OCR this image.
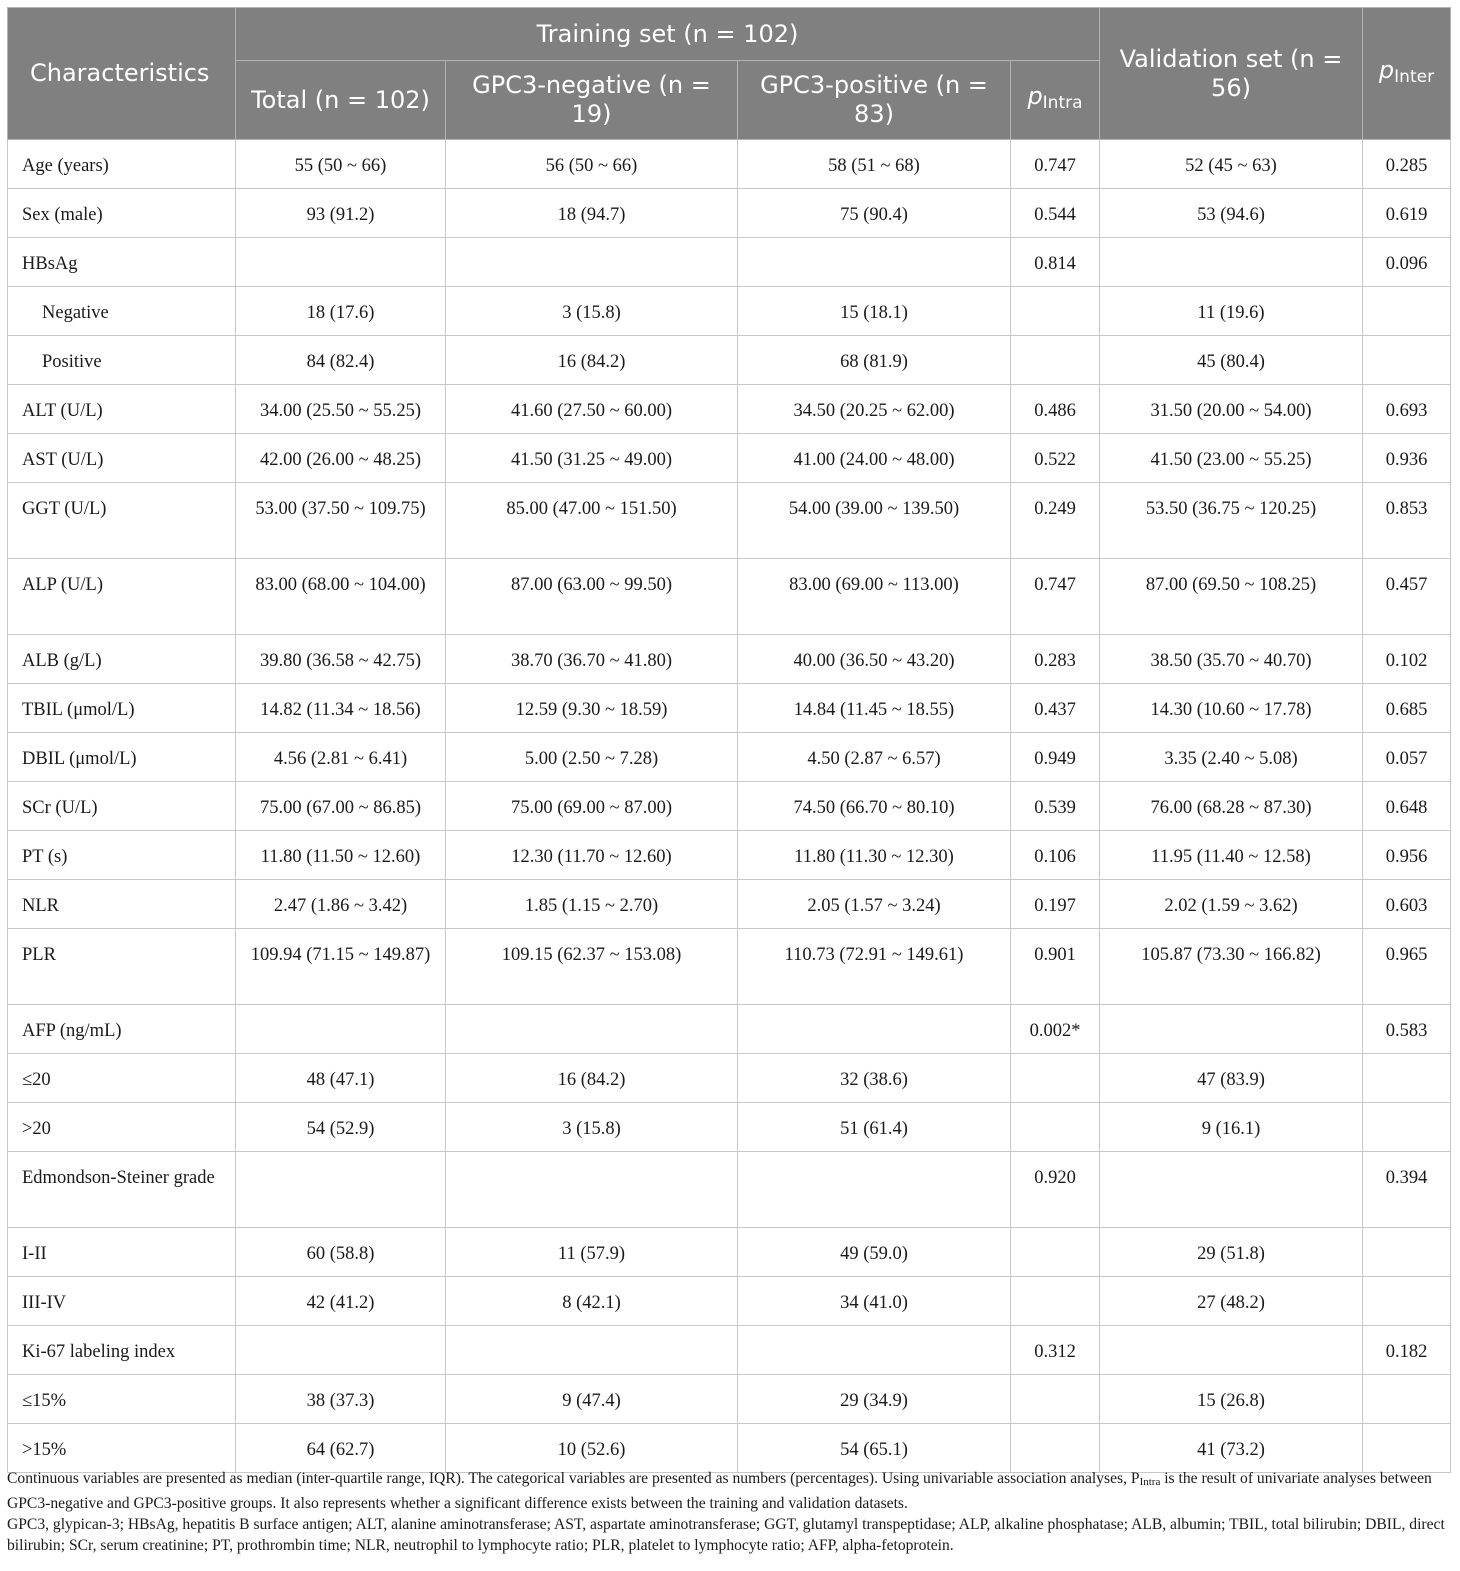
Characteristics	Training set (n = 102)				Validation set (n = 56)	$p_{Inter}$
	Total (n = 102)	GPC3-negative (n = 19)	GPC3-positive (n = 83)	$p_{Intra}$
Age (years)	55 (50 ~ 66)	56 (50 ~ 66)	58 (51 ~ 68)	0.747	52 (45 ~ 63)	0.285
Sex (male)	93 (91.2)	18 (94.7)	75 (90.4)	0.544	53 (94.6)	0.619
HBsAg				0.814		0.096
Negative	18 (17.6)	3 (15.8)	15 (18.1)		11 (19.6)	
Positive	84 (82.4)	16 (84.2)	68 (81.9)		45 (80.4)	
ALT (U/L)	34.00 (25.50 ~ 55.25)	41.60 (27.50 ~ 60.00)	34.50 (20.25 ~ 62.00)	0.486	31.50 (20.00 ~ 54.00)	0.693
AST (U/L)	42.00 (26.00 ~ 48.25)	41.50 (31.25 ~ 49.00)	41.00 (24.00 ~ 48.00)	0.522	41.50 (23.00 ~ 55.25)	0.936
GGT (U/L)	53.00 (37.50 ~ 109.75)	85.00 (47.00 ~ 151.50)	54.00 (39.00 ~ 139.50)	0.249	53.50 (36.75 ~ 120.25)	0.853
ALP (U/L)	83.00 (68.00 ~ 104.00)	87.00 (63.00 ~ 99.50)	83.00 (69.00 ~ 113.00)	0.747	87.00 (69.50 ~ 108.25)	0.457
ALB (g/L)	39.80 (36.58 ~ 42.75)	38.70 (36.70 ~ 41.80)	40.00 (36.50 ~ 43.20)	0.283	38.50 (35.70 ~ 40.70)	0.102
TBIL (μmol/L)	14.82 (11.34 ~ 18.56)	12.59 (9.30 ~ 18.59)	14.84 (11.45 ~ 18.55)	0.437	14.30 (10.60 ~ 17.78)	0.685
DBIL (μmol/L)	4.56 (2.81 ~ 6.41)	5.00 (2.50 ~ 7.28)	4.50 (2.87 ~ 6.57)	0.949	3.35 (2.40 ~ 5.08)	0.057
SCr (U/L)	75.00 (67.00 ~ 86.85)	75.00 (69.00 ~ 87.00)	74.50 (66.70 ~ 80.10)	0.539	76.00 (68.28 ~ 87.30)	0.648
PT (s)	11.80 (11.50 ~ 12.60)	12.30 (11.70 ~ 12.60)	11.80 (11.30 ~ 12.30)	0.106	11.95 (11.40 ~ 12.58)	0.956
NLR	2.47 (1.86 ~ 3.42)	1.85 (1.15 ~ 2.70)	2.05 (1.57 ~ 3.24)	0.197	2.02 (1.59 ~ 3.62)	0.603
PLR	109.94 (71.15 ~ 149.87)	109.15 (62.37 ~ 153.08)	110.73 (72.91 ~ 149.61)	0.901	105.87 (73.30 ~ 166.82)	0.965
AFP (ng/mL)				0.002*		0.583
≤20	48 (47.1)	16 (84.2)	32 (38.6)		47 (83.9)	
>20	54 (52.9)	3 (15.8)	51 (61.4)		9 (16.1)	
Edmondson-Steiner grade				0.920		0.394
I-II	60 (58.8)	11 (57.9)	49 (59.0)		29 (51.8)	
III-IV	42 (41.2)	8 (42.1)	34 (41.0)		27 (48.2)	
Ki-67 labeling index				0.312		0.182
≤15%	38 (37.3)	9 (47.4)	29 (34.9)		15 (26.8)	
>15%	64 (62.7)	10 (52.6)	54 (65.1)		41 (73.2)	

Continuous variables are presented as median (inter-quartile range, IQR). The categorical variables are presented as numbers (percentages). Using univariable association analyses, $P_{Intra}$ is the result of univariate analyses between GPC3-negative and GPC3-positive groups. It also represents whether a significant difference exists between the training and validation datasets.

GPC3, glypican-3; HBsAg, hepatitis B surface antigen; ALT, alanine aminotransferase; AST, aspartate aminotransferase; GGT, glutamyl transpeptidase; ALP, alkaline phosphatase; ALB, albumin; TBIL, total bilirubin; DBIL, direct bilirubin; SCr, serum creatinine; PT, prothrombin time; NLR, neutrophil to lymphocyte ratio; PLR, platelet to lymphocyte ratio; AFP, alpha-fetoprotein.
